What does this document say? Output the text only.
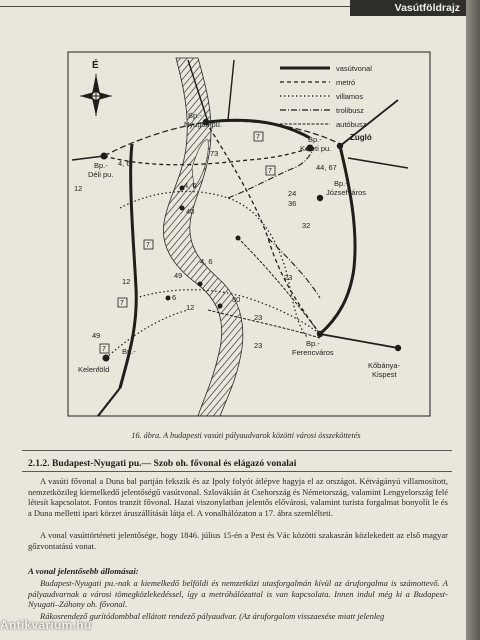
Vasútföldrajz
É	vasútvonal
metró
villamos
trolibusz
autóbusz
Bp.-Nyugati pu.
Bp.-Déli pu.
Bp.-Keleti pu.
Zugló
Bp.-Józsefváros
Bp.-Ferencváros
Kőbánya-Kispest
Bp.-Kelenföld
7
7
7
7
7
73
4, 6
4, 6
12
40
12
49
6
4, 6
12
30
23
49
23
24
36
32
23
44, 67
16. ábra. A budapesti vasúti pályaudvarok közötti városi összeköttetés
2.1.2. Budapest-Nyugati pu.— Szob oh. fővonal és elágazó vonalai
A vasúti fővonal a Duna bal partján fekszik és az Ipoly folyót átlépve hagyja el az országot. Kétvágányú villamosított, nemzetközileg kiemelkedő jelentőségű vasútvonal. Szlovákián át Csehország és Németország, valamint Lengyelország felé létesít kapcsolatot. Fontos tranzit fővonal. Hazai viszonylatban jelentős elővárosi, valamint turista forgalmat bonyolít le és a Duna melletti ipari körzet áruszállítását látja el. A vonalhálózaton a 17. ábra szemlélteti.
A vonal vasúttörténeti jelentősége, hogy 1846. július 15-én a Pest és Vác közötti szakaszán közlekedett az első magyar gőzvontatású vonat.
A vonal jelentősebb állomásai:
Budapest-Nyugati pu.-nak a kiemelkedő belföldi és nemzetközi utasforgalmán kívül az áruforgalma is számottevő. A pályaudvarnak a városi tömegközlekedéssel, így a metróhálózattal is van kapcsolata. Innen indul még ki a Budapest-Nyugati–Záhony oh. fővonal.
Rákosrendező gurítódombbal ellátott rendező pályaudvar. (Az áruforgalom visszaesése miatt jelenleg
Antikvarium.hu
